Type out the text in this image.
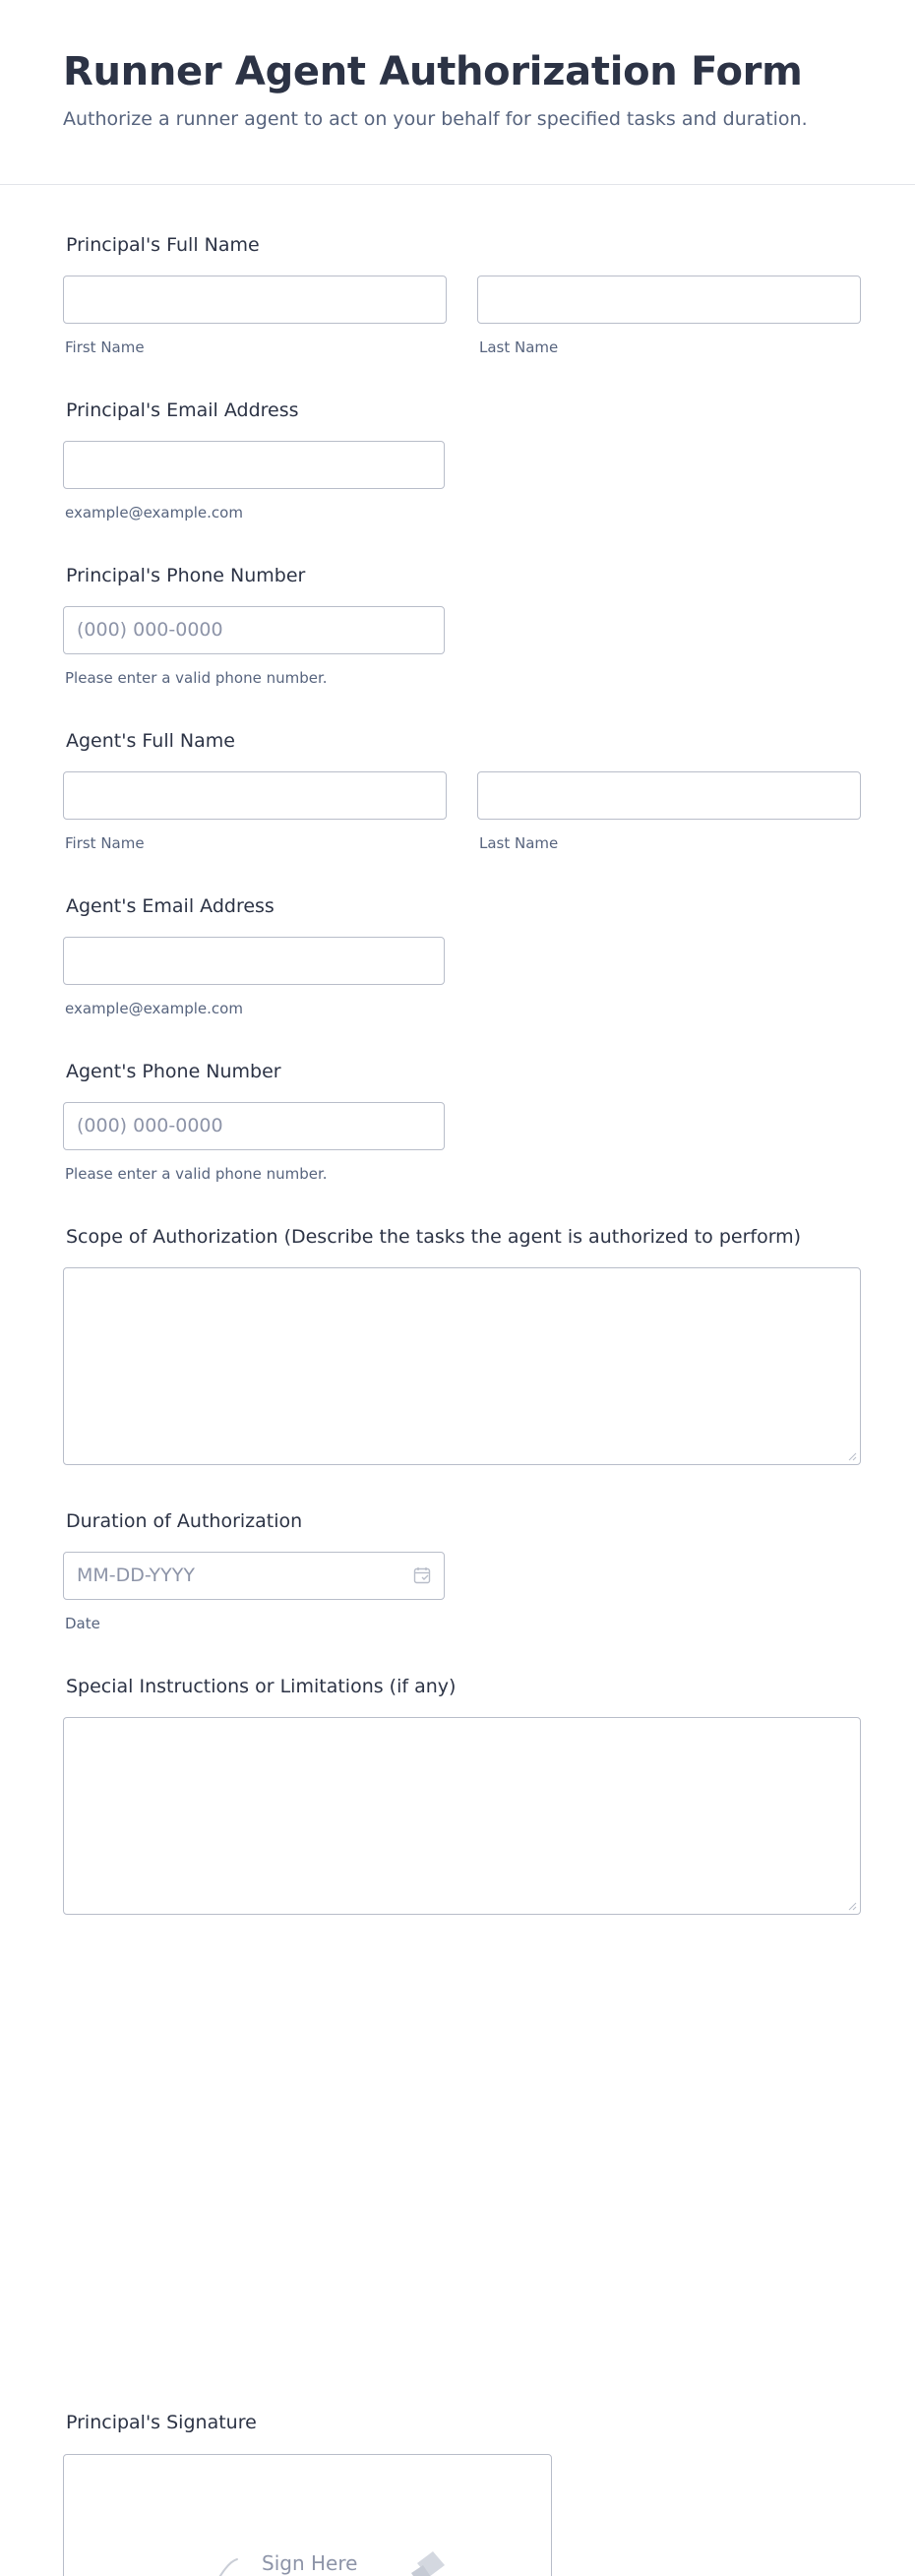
Runner Agent Authorization Form
Authorize a runner agent to act on your behalf for specified tasks and duration.
Principal's Full Name
First Name	Last Name
Principal's Email Address
example@example.com
Principal's Phone Number
(000) 000-0000
Please enter a valid phone number.
Agent's Full Name
First Name	Last Name
Agent's Email Address
example@example.com
Agent's Phone Number
(000) 000-0000
Please enter a valid phone number.
Scope of Authorization (Describe the tasks the agent is authorized to perform)
Duration of Authorization
MM-DD-YYYY
Date
Special Instructions or Limitations (if any)
Principal's Signature
Sign Here
